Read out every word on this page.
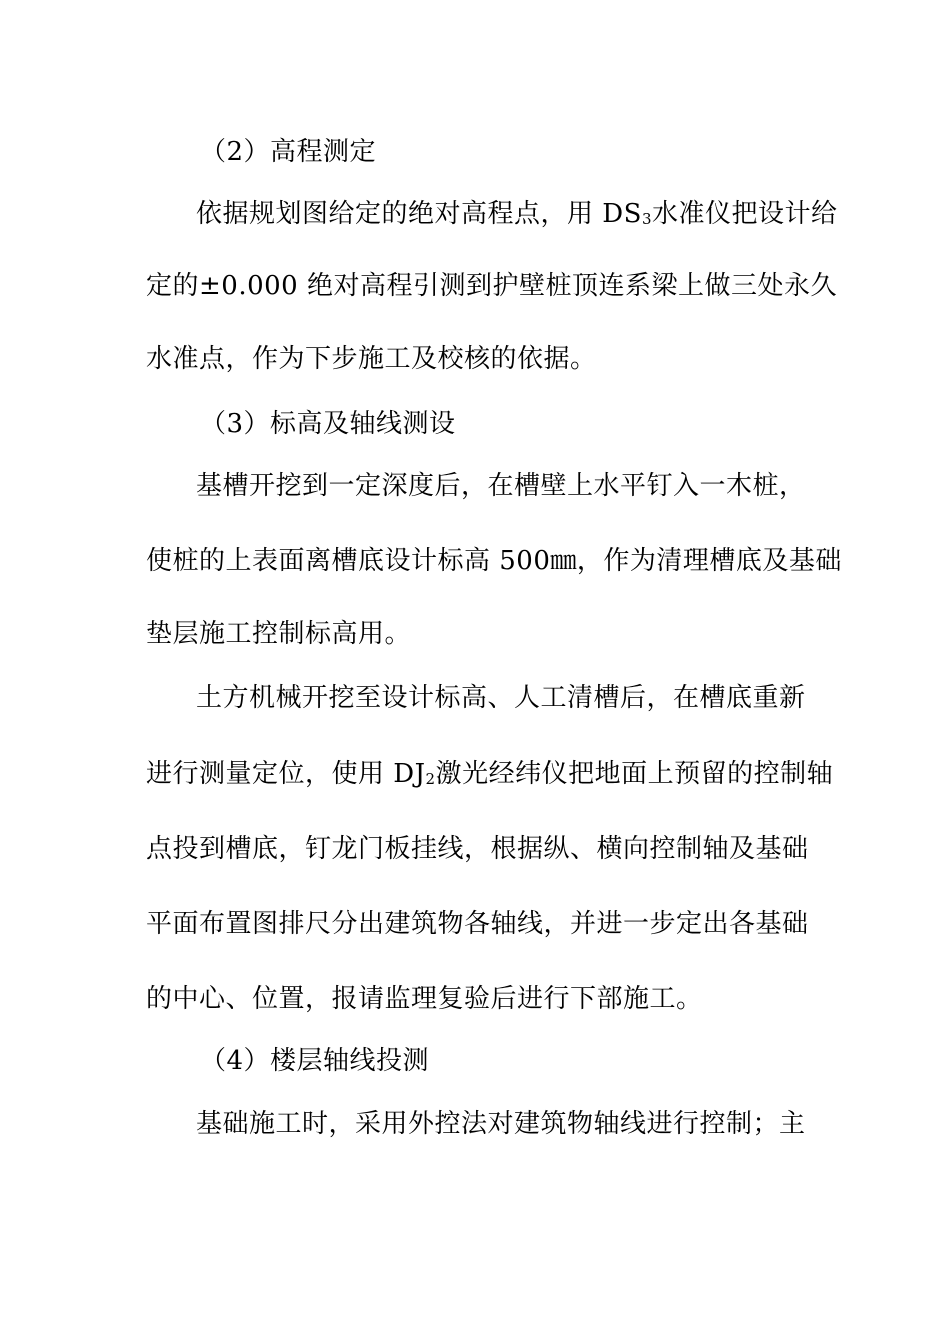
（2）高程测定
依据规划图给定的绝对高程点，用 $DS_3$水准仪把设计给
定的±0.000 绝对高程引测到护壁桩顶连系梁上做三处永久
水准点，作为下步施工及校核的依据。
（3）标高及轴线测设
基槽开挖到一定深度后，在槽壁上水平钉入一木桩，
使桩的上表面离槽底设计标高 500㎜，作为清理槽底及基础
垫层施工控制标高用。
土方机械开挖至设计标高、人工清槽后，在槽底重新
进行测量定位，使用 $DJ_2$激光经纬仪把地面上预留的控制轴
点投到槽底，钉龙门板挂线，根据纵、横向控制轴及基础
平面布置图排尺分出建筑物各轴线，并进一步定出各基础
的中心、位置，报请监理复验后进行下部施工。
（4）楼层轴线投测
基础施工时，采用外控法对建筑物轴线进行控制；主
